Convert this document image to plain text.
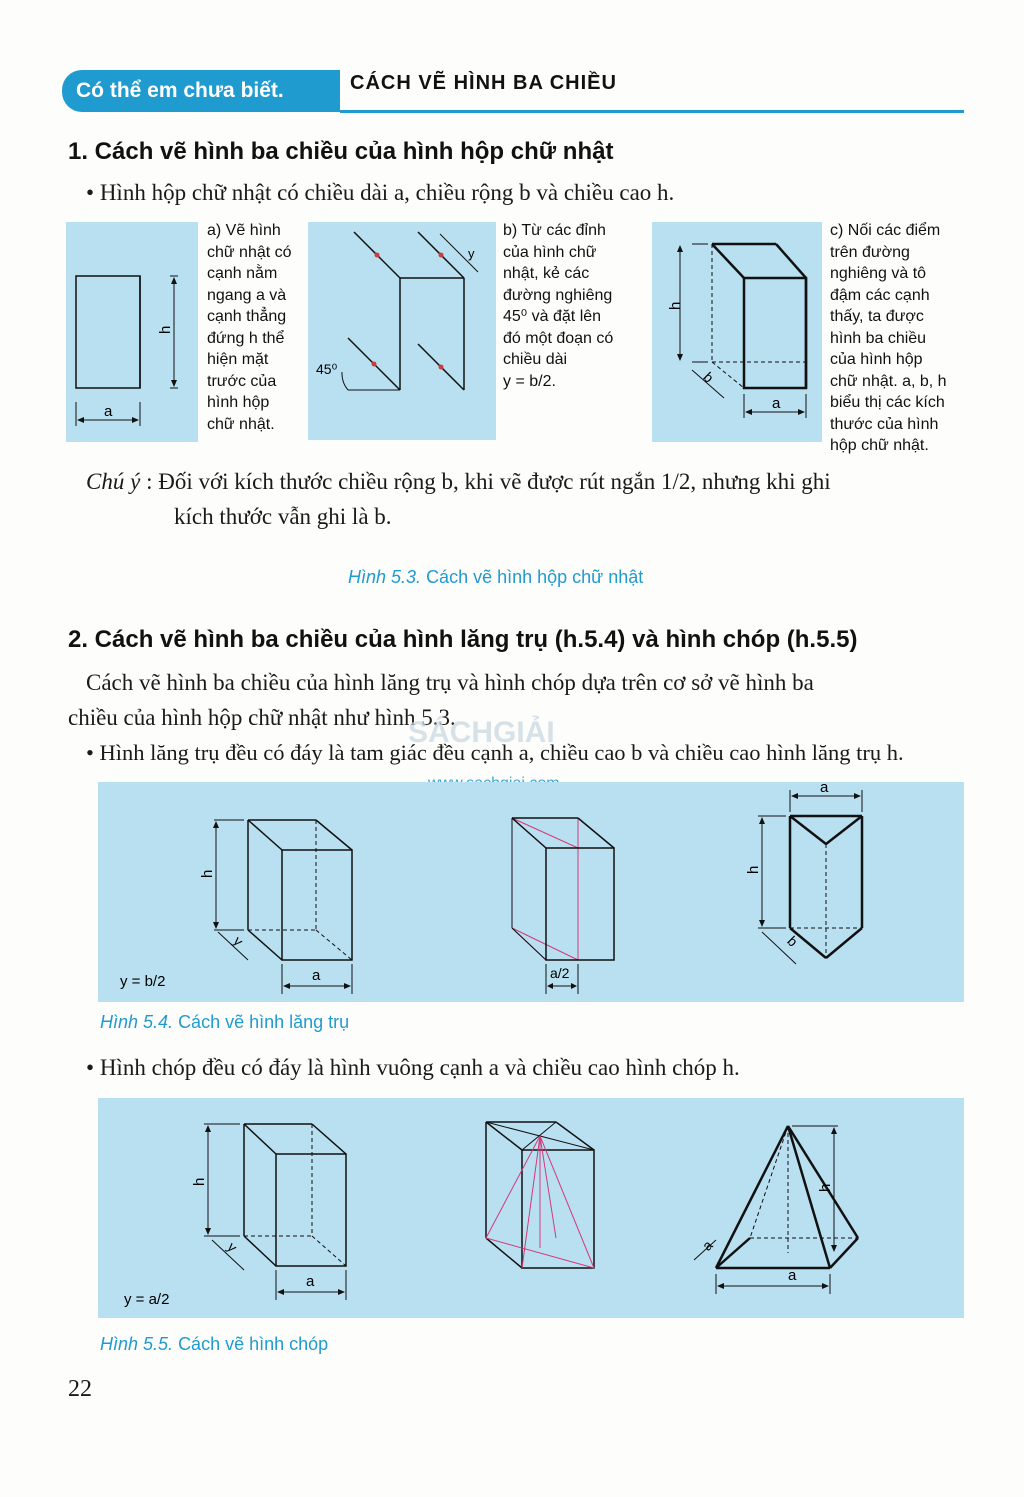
Có thể em chưa biết.	CÁCH VẼ HÌNH BA CHIỀU
1. Cách vẽ hình ba chiều của hình hộp chữ nhật
• Hình hộp chữ nhật có chiều dài a, chiều rộng b và chiều cao h.
h
a
a) Vẽ hình
chữ nhật có
cạnh nằm
ngang a và
cạnh thẳng
đứng h thể
hiện mặt
trước của
hình hộp
chữ nhật.
45⁰
y
b) Từ các đỉnh
của hình chữ
nhật, kẻ các
đường nghiêng
45⁰ và đặt lên
đó một đoạn có
chiều dài
y = b/2.
h
b
a
c) Nối các điểm
trên đường
nghiêng và tô
đậm các cạnh
thấy, ta được
hình ba chiều
của hình hộp
chữ nhật. a, b, h
biểu thị các kích
thước của hình
hộp chữ nhật.
Chú ý : Đối với kích thước chiều rộng b, khi vẽ được rút ngắn 1/2, nhưng khi ghi
kích thước vẫn ghi là b.
Hình 5.3. Cách vẽ hình hộp chữ nhật
2. Cách vẽ hình ba chiều của hình lăng trụ (h.5.4) và hình chóp (h.5.5)
Cách vẽ hình ba chiều của hình lăng trụ và hình chóp dựa trên cơ sở vẽ hình ba
chiều của hình hộp chữ nhật như hình 5.3.
SÁCHGIẢI
• Hình lăng trụ đều có đáy là tam giác đều cạnh a, chiều cao b và chiều cao hình lăng trụ h.
h
y
y = b/2	a	a/2
a
h
b
Hình 5.4. Cách vẽ hình lăng trụ
• Hình chóp đều có đáy là hình vuông cạnh a và chiều cao hình chóp h.
h
y
y = a/2
a
h
a
a
Hình 5.5. Cách vẽ hình chóp
22
